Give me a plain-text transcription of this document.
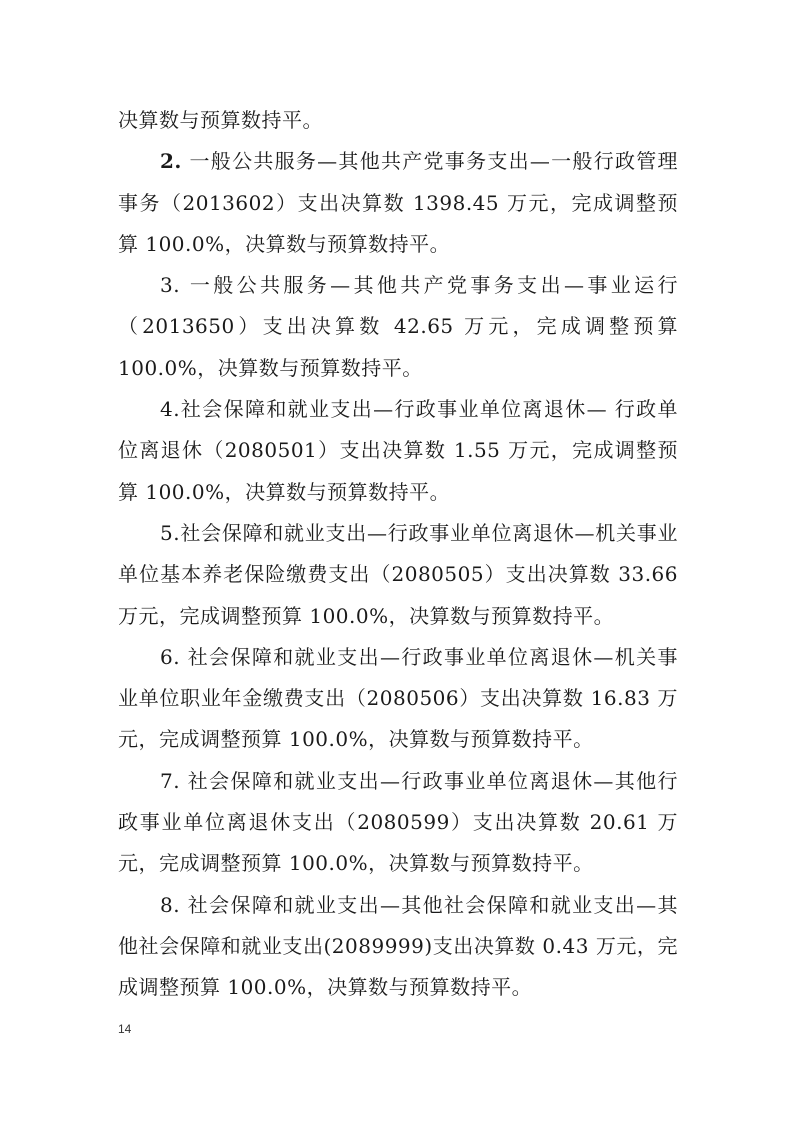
决算数与预算数持平。

2. 一般公共服务—其他共产党事务支出—一般行政管理事务（2013602）支出决算数 1398.45 万元，完成调整预算 100.0%，决算数与预算数持平。

3. 一般公共服务—其他共产党事务支出—事业运行（2013650）支出决算数 42.65 万元，完成调整预算 100.0%，决算数与预算数持平。

4.社会保障和就业支出—行政事业单位离退休— 行政单位离退休（2080501）支出决算数 1.55 万元，完成调整预算 100.0%，决算数与预算数持平。

5.社会保障和就业支出—行政事业单位离退休—机关事业单位基本养老保险缴费支出（2080505）支出决算数 33.66 万元，完成调整预算 100.0%，决算数与预算数持平。

6. 社会保障和就业支出—行政事业单位离退休—机关事业单位职业年金缴费支出（2080506）支出决算数 16.83 万元，完成调整预算 100.0%，决算数与预算数持平。

7. 社会保障和就业支出—行政事业单位离退休—其他行政事业单位离退休支出（2080599）支出决算数 20.61 万元，完成调整预算 100.0%，决算数与预算数持平。

8. 社会保障和就业支出—其他社会保障和就业支出—其他社会保障和就业支出(2089999)支出决算数 0.43 万元，完成调整预算 100.0%，决算数与预算数持平。

14
